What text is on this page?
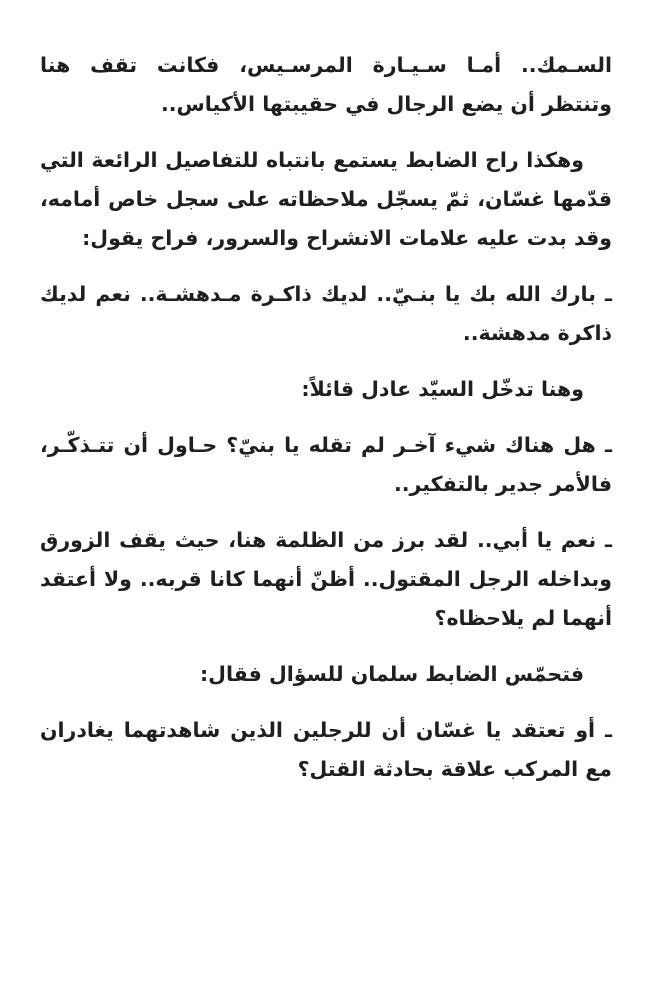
السـمك.. أمـا سـيـارة المرسـيس، فكانت تقف هنا وتنتظر أن يضع الرجال في حقيبتها الأكياس..

وهكذا راح الضابط يستمع بانتباه للتفاصيل الرائعة التي قدّمها غسّان، ثمّ يسجّل ملاحظاته على سجل خاص أمامه، وقد بدت عليه علامات الانشراح والسرور، فراح يقول:

ـ بارك الله بك يا بنـيّ.. لديك ذاكـرة مـدهشـة.. نعم لديك ذاكرة مدهشة..

وهنا تدخّل السيّد عادل قائلاً:

ـ هل هناك شيء آخـر لم تقله يا بنيّ؟ حـاول أن تتـذكّـر، فالأمر جدير بالتفكير..

ـ نعم يا أبي.. لقد برز من الظلمة هنا، حيث يقف الزورق وبداخله الرجل المقتول.. أظنّ أنهما كانا قربه.. ولا أعتقد أنهما لم يلاحظاه؟

فتحمّس الضابط سلمان للسؤال فقال:

ـ أو تعتقد يا غسّان أن للرجلين الذين شاهدتهما يغادران مع المركب علاقة بحادثة القتل؟
